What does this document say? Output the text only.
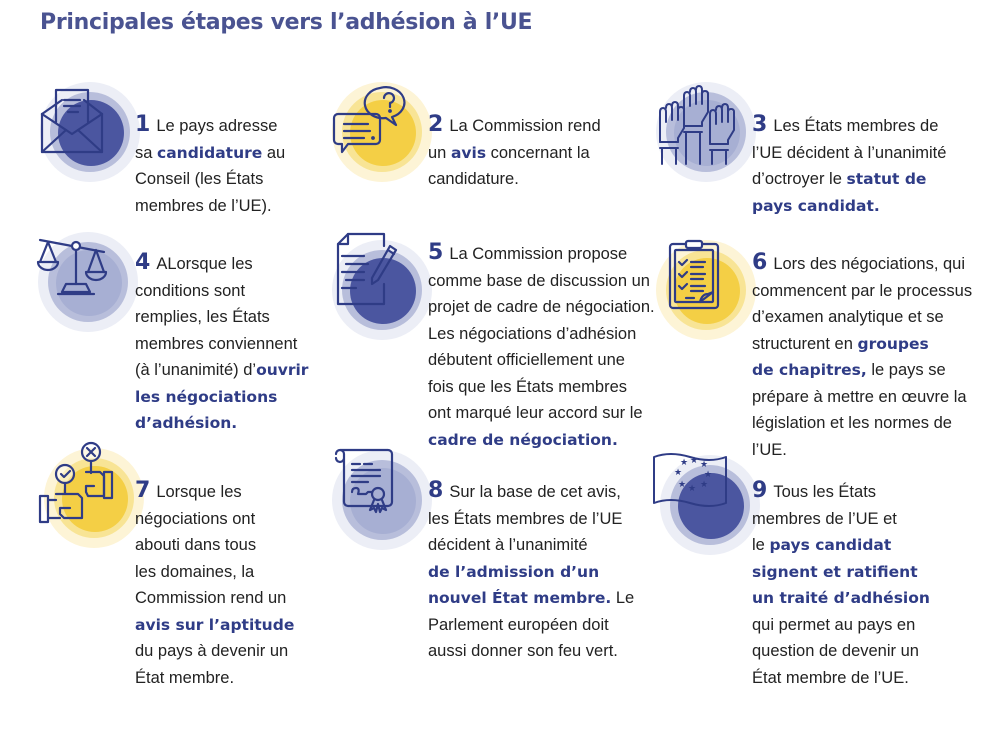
Principales étapes vers l’adhésion à l’UE
1 Le pays adresse
sa candidature au
Conseil (les États
membres de l’UE).
2 La Commission rend
un avis concernant la
candidature.
3 Les États membres de
l’UE décident à l’unanimité
d’octroyer le statut de
pays candidat.
4 ALorsque les
conditions sont
remplies, les États
membres conviennent
(à l’unanimité) d’ouvrir
les négociations
d’adhésion.
5 La Commission propose
comme base de discussion un
projet de cadre de négociation.
Les négociations d’adhésion
débutent officiellement une
fois que les États membres
ont marqué leur accord sur le
cadre de négociation.
6 Lors des négociations, qui
commencent par le processus
d’examen analytique et se
structurent en groupes
de chapitres, le pays se
prépare à mettre en œuvre la
législation et les normes de
l’UE.
7 Lorsque les
négociations ont
abouti dans tous
les domaines, la
Commission rend un
avis sur l’aptitude
du pays à devenir un
État membre.
8 Sur la base de cet avis,
les États membres de l’UE
décident à l’unanimité
de l’admission d’un
nouvel État membre. Le
Parlement européen doit
aussi donner son feu vert.
★ ★ ★
★ ★
★ ★ ★ 9 Tous les États
membres de l’UE et
le pays candidat
signent et ratifient
un traité d’adhésion
qui permet au pays en
question de devenir un
État membre de l’UE.
